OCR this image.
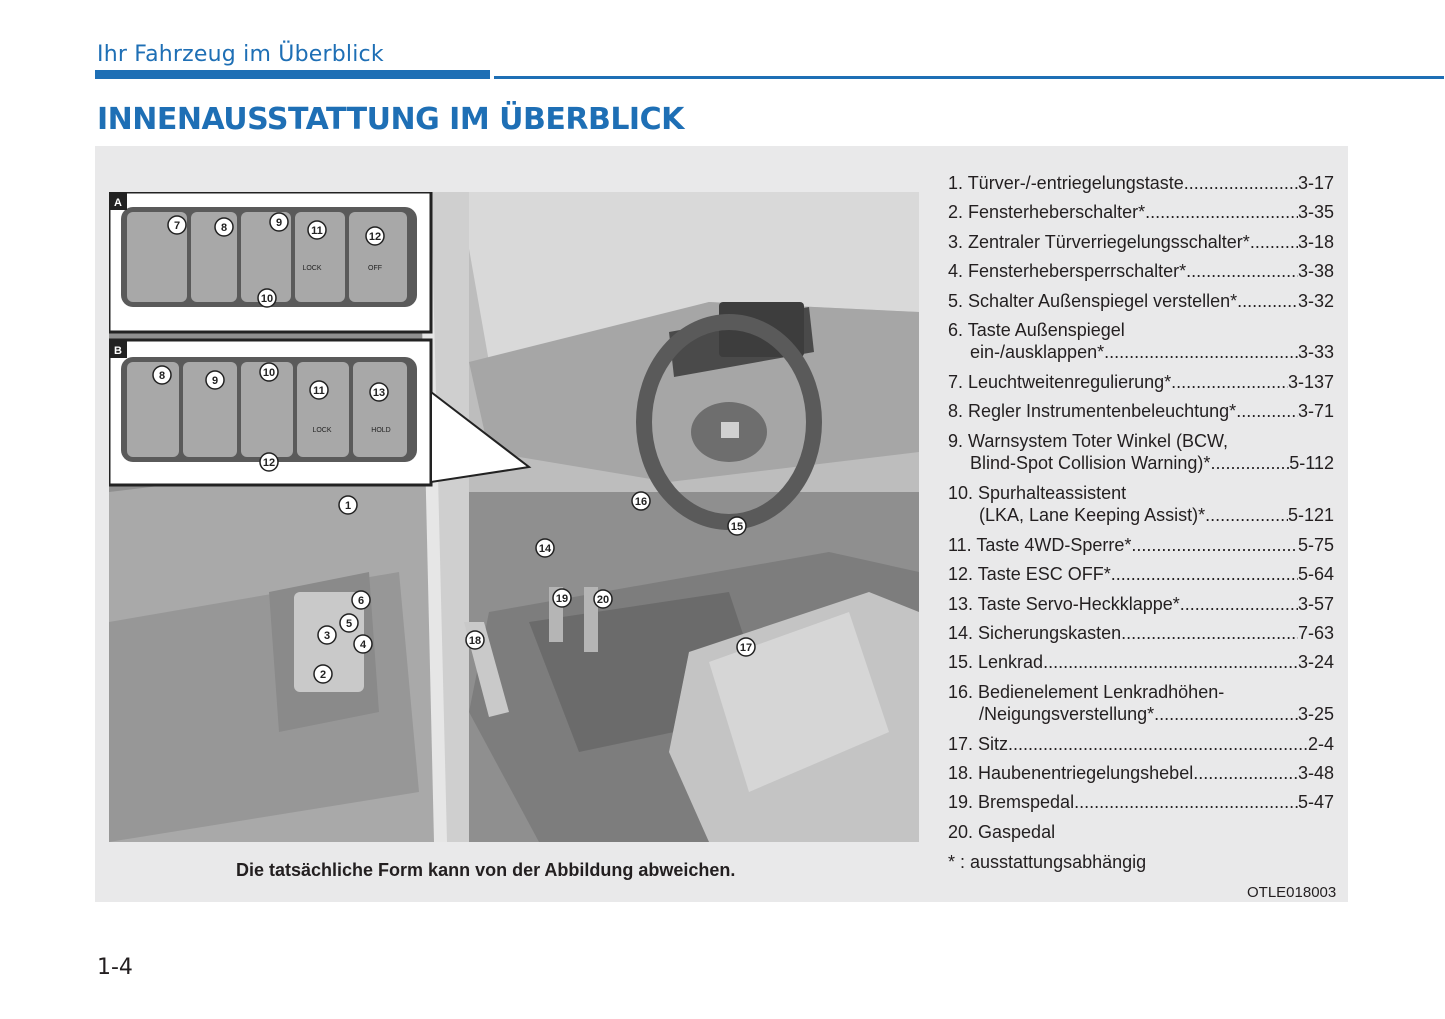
Ihr Fahrzeug im Überblick
INNENAUSSTATTUNG IM ÜBERBLICK
A
7	8	9
10
11	12
LOCK	OFF
B
8	9
10
11
12
13
LOCK	HOLD
1
2
3
4
5
6
14
15
16
17
18
19	20
Die tatsächliche Form kann von der Abbildung abweichen.
1. Türver-/-entriegelungstaste .....	3-17
2. Fensterheberschalter* .....	3-35
3. Zentraler Türverriegelungsschalter* .....	3-18
4. Fensterhebersperrschalter* .....	3-38
5. Schalter Außenspiegel verstellen* .....	3-32
6. Taste Außenspiegel
ein-/ausklappen* .....	3-33
7. Leuchtweitenregulierung* .....	3-137
8. Regler Instrumentenbeleuchtung* .....	3-71
9. Warnsystem Toter Winkel (BCW,
Blind-Spot Collision Warning)* .....	5-112
10. Spurhalteassistent
(LKA, Lane Keeping Assist)* .....	5-121
11. Taste 4WD-Sperre* .....	5-75
12. Taste ESC OFF* .....	5-64
13. Taste Servo-Heckklappe* .....	3-57
14. Sicherungskasten .....	7-63
15. Lenkrad .....	3-24
16. Bedienelement Lenkradhöhen-
/Neigungsverstellung* .....	3-25
17. Sitz .....	2-4
18. Haubenentriegelungshebel .....	3-48
19. Bremspedal .....	5-47
20. Gaspedal
* : ausstattungsabhängig
OTLE018003
1-4
